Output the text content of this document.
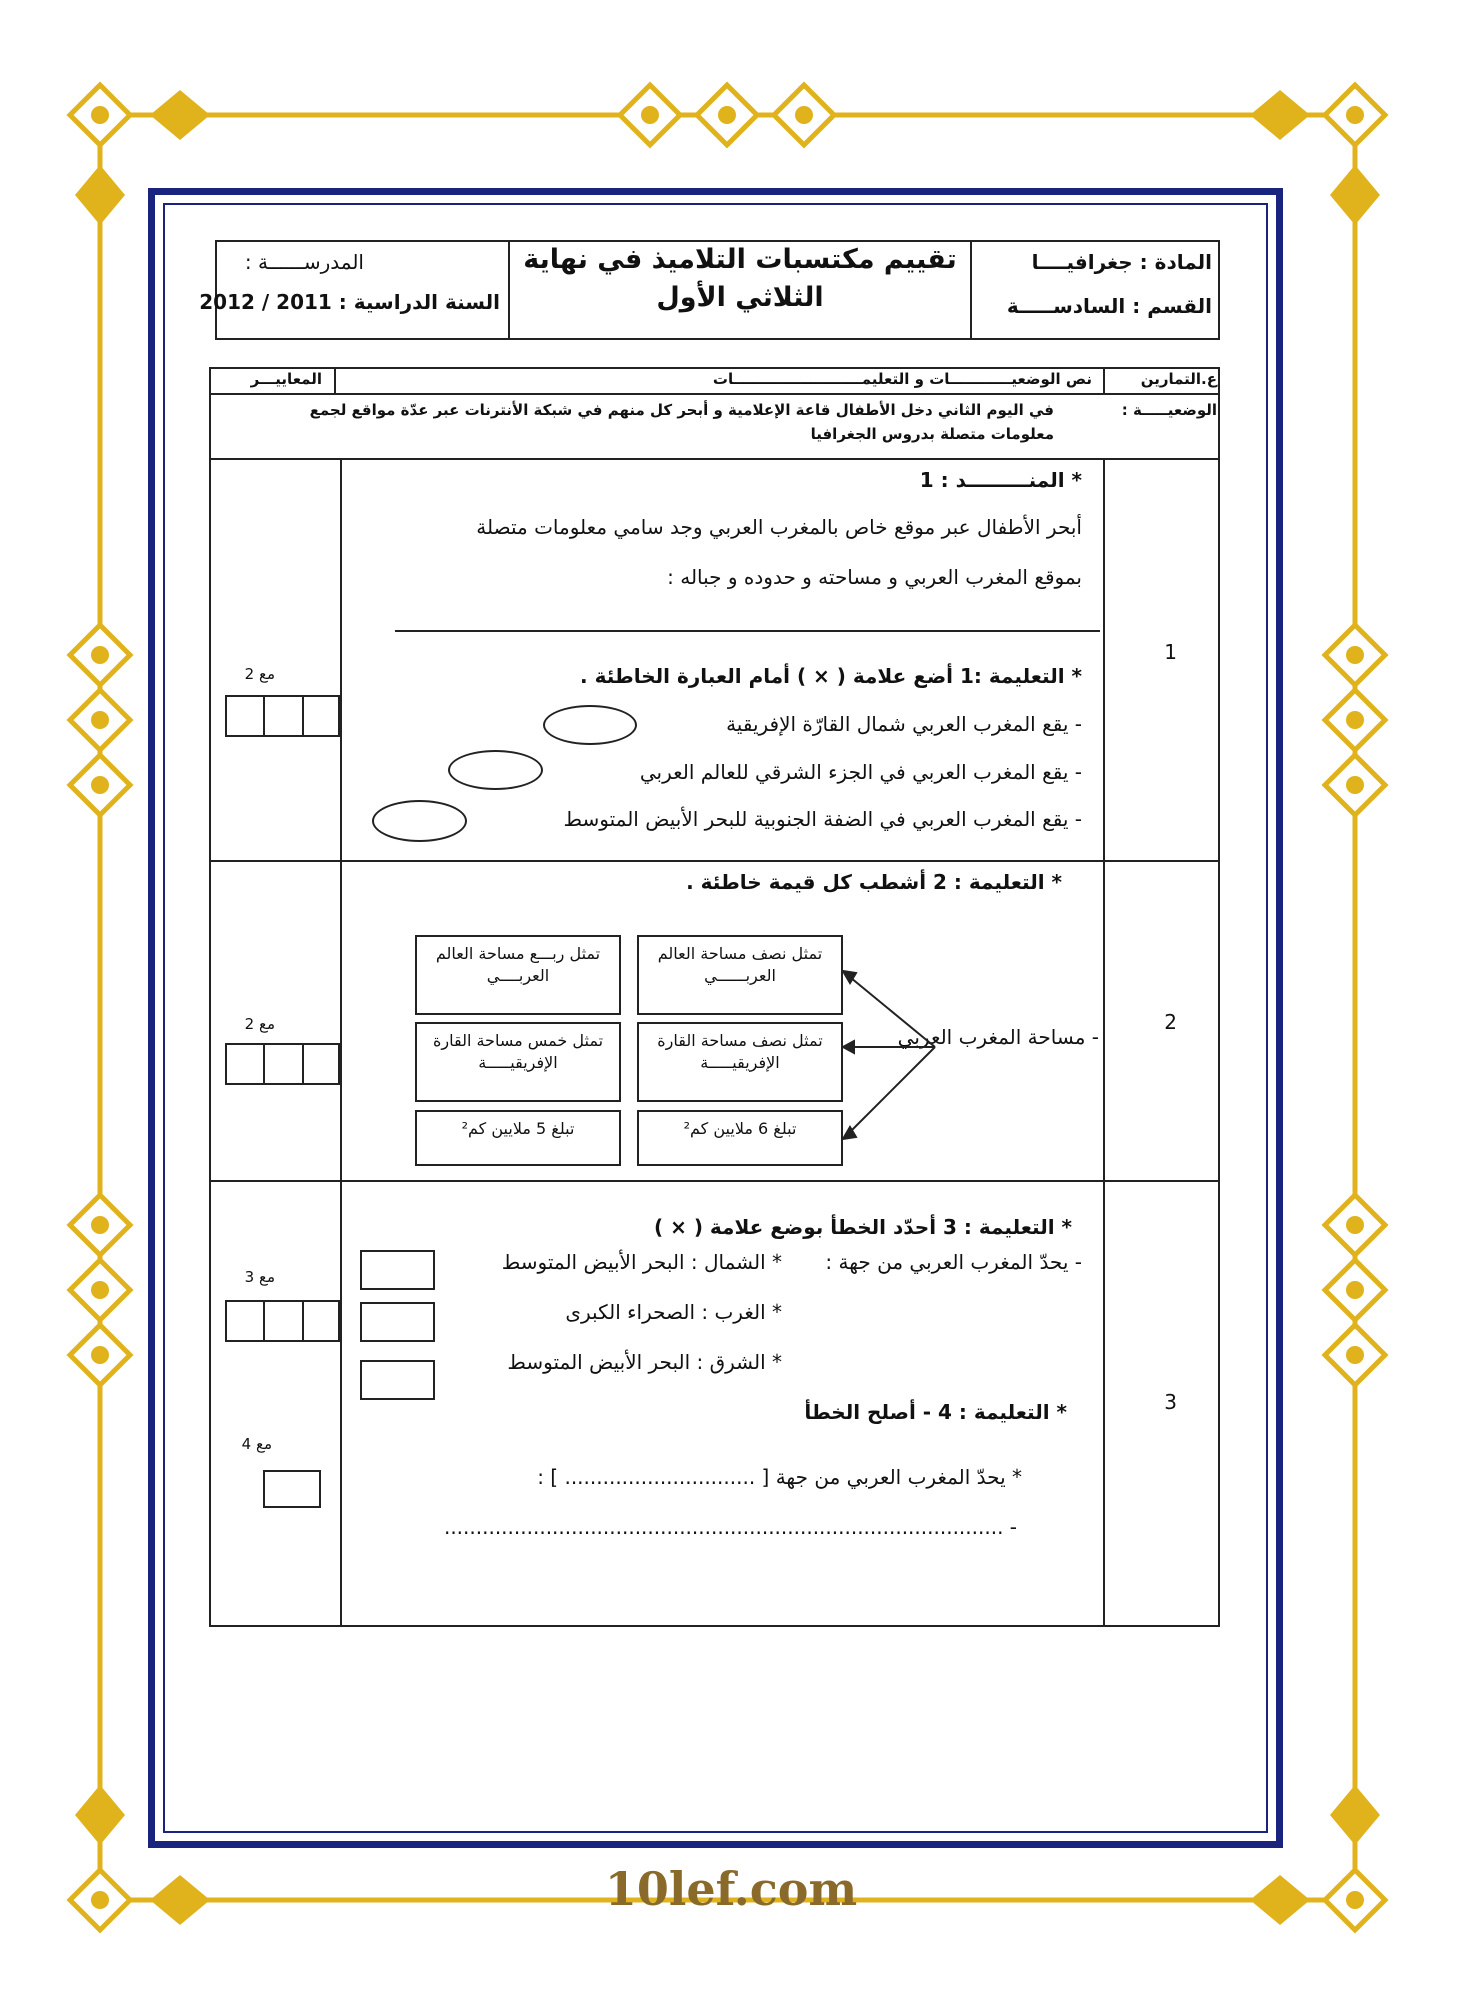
المادة : جغرافيــــا
القسم : السادســـــة
تقييم مكتسبات التلاميذ في نهاية
الثلاثي الأول
المدرســــــة :
السنة الدراسية : 2011 / 2012
ع.التمارين
نص الوضعيــــــــــــات و التعليمـــــــــــــــــــــــــات
المعاييـــر
الوضعيـــــة :
في اليوم الثاني دخل الأطفال قاعة الإعلامية و أبحر كل منهم في شبكة الأنترنات عبر عدّة مواقع لجمع
معلومات متصلة بدروس الجغرافيا
1
* المنـــــــــد : 1
أبحر الأطفال عبر موقع خاص بالمغرب العربي وجد سامي معلومات متصلة
بموقع المغرب العربي و مساحته و حدوده و جباله :
* التعليمة :1 أضع علامة ( × ) أمام العبارة الخاطئة .
- يقع المغرب العربي شمال القارّة الإفريقية
- يقع المغرب العربي في الجزء الشرقي للعالم العربي
- يقع المغرب العربي في الضفة الجنوبية للبحر الأبيض المتوسط
مع 2
2
* التعليمة : 2 أشطب كل قيمة خاطئة .
- مساحة المغرب العربي
تمثل نصف مساحة العالم العربــــــي
تمثل ربـــع مساحة العالم العربــــي
تمثل نصف مساحة القارة الإفريقيـــــة
تمثل خمس مساحة القارة الإفريقيـــــة
تبلغ 6 ملايين كم²
تبلغ 5 ملايين كم²
مع 2
3
* التعليمة : 3 أحدّد الخطأ بوضع علامة ( × )
- يحدّ المغرب العربي من جهة :
* الشمال : البحر الأبيض المتوسط
* الغرب : الصحراء الكبرى
* الشرق : البحر الأبيض المتوسط
* التعليمة : 4 - أصلح الخطأ
* يحدّ المغرب العربي من جهة [ .............................. ] :
- ........................................................................................
مع 3
مع 4
10lef.com
